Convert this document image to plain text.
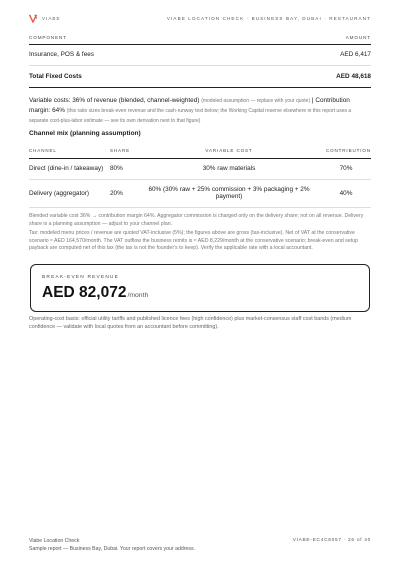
VIABE	VIABE LOCATION CHECK · BUSINESS BAY, DUBAI · RESTAURANT
COMPONENT	AMOUNT
Insurance, POS & fees	AED 6,417
Total Fixed Costs	AED 48,618

Variable costs: 36% of revenue (blended, channel-weighted) (modeled assumption — replace with your quote) | Contribution margin: 64% (this ratio sizes break-even revenue and the cash-runway test below; the Working Capital reserve elsewhere in this report uses a separate cost-plus-labor estimate — see its own derivation next to that figure)

Channel mix (planning assumption)
CHANNEL	SHARE	VARIABLE COST	CONTRIBUTION
Direct (dine-in / takeaway)	80%	30% raw materials	70%
Delivery (aggregator)	20%	60% (30% raw + 25% commission + 3% packaging + 2% payment)	40%

Blended variable cost 36% → contribution margin 64%. Aggregator commission is charged only on the delivery share; not on all revenue. Delivery share is a planning assumption — adjust to your channel plan.

Tax: modeled menu prices / revenue are quoted VAT-inclusive (5%); the figures above are gross (tax-inclusive). Net of VAT at the conservative scenario ≈ AED 164,570/month. The VAT outflow the business remits is ≈ AED 8,229/month at the conservative scenario; break-even and setup payback are computed net of this tax (the tax is not the founder's to keep). Verify the applicable rate with a local accountant.

BREAK-EVEN REVENUE
AED 82,072 /month

Operating-cost basis: official utility tariffs and published licence fees (high confidence) plus market-consensus staff cost bands (medium confidence — validate with local quotes from an accountant before committing).

Viabe Location Check
Sample report — Business Bay, Dubai. Your report covers your address.
VIABE-EC4C6057 · 26 of 40
